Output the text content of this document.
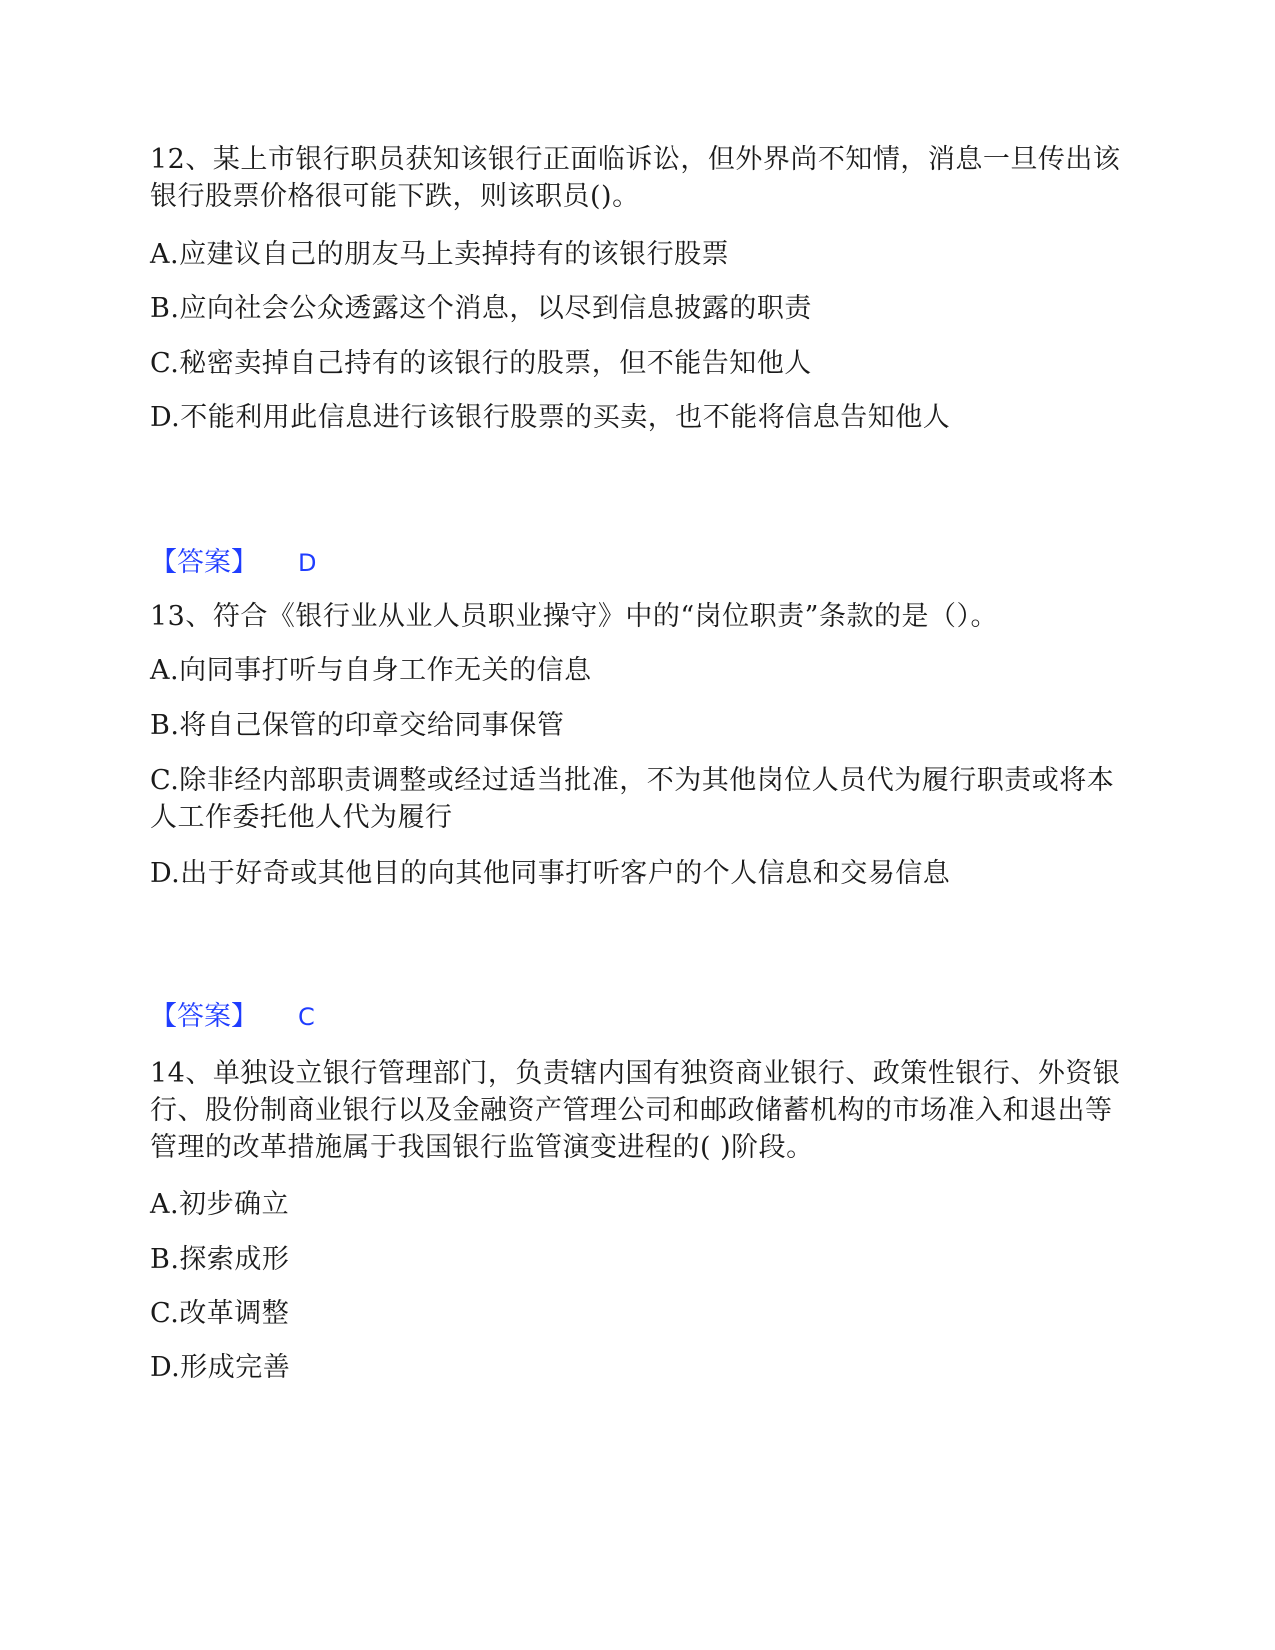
12、某上市银行职员获知该银行正面临诉讼，但外界尚不知情，消息一旦传出该银行股票价格很可能下跌，则该职员()。

A.应建议自己的朋友马上卖掉持有的该银行股票

B.应向社会公众透露这个消息，以尽到信息披露的职责

C.秘密卖掉自己持有的该银行的股票，但不能告知他人

D.不能利用此信息进行该银行股票的买卖，也不能将信息告知他人

【答案】 D

13、符合《银行业从业人员职业操守》中的“岗位职责”条款的是（）。

A.向同事打听与自身工作无关的信息

B.将自己保管的印章交给同事保管

C.除非经内部职责调整或经过适当批准，不为其他岗位人员代为履行职责或将本人工作委托他人代为履行

D.出于好奇或其他目的向其他同事打听客户的个人信息和交易信息

【答案】 C

14、单独设立银行管理部门，负责辖内国有独资商业银行、政策性银行、外资银行、股份制商业银行以及金融资产管理公司和邮政储蓄机构的市场准入和退出等管理的改革措施属于我国银行监管演变进程的( )阶段。

A.初步确立

B.探索成形

C.改革调整

D.形成完善
